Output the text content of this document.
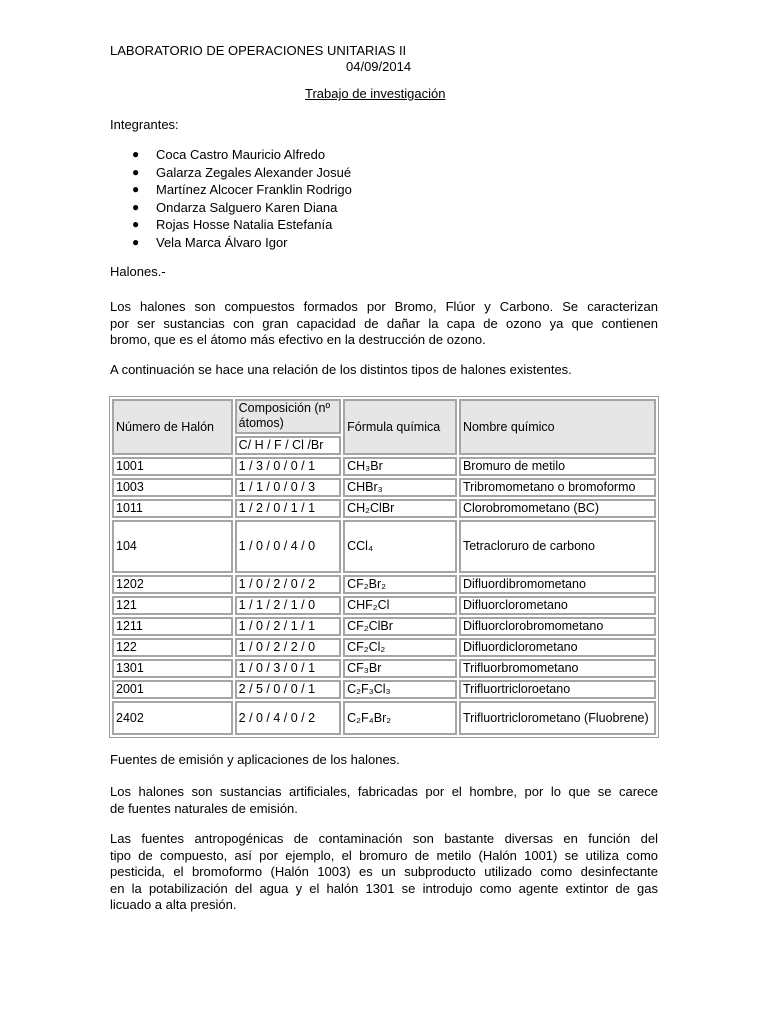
LABORATORIO DE OPERACIONES UNITARIAS II
04/09/2014
Trabajo de investigación
Integrantes:
● Coca Castro Mauricio Alfredo
● Galarza Zegales Alexander Josué
● Martínez Alcocer Franklin Rodrigo
● Ondarza Salguero Karen Diana
● Rojas Hosse Natalia Estefanía
● Vela Marca Álvaro Igor
Halones.-
Los halones son compuestos formados por Bromo, Flúor y Carbono. Se caracterizan
por ser sustancias con gran capacidad de dañar la capa de ozono ya que contienen
bromo, que es el átomo más efectivo en la destrucción de ozono.
A continuación se hace una relación de los distintos tipos de halones existentes.
Número de Halón	Composición (nº átomos)	Fórmula química	Nombre químico
	C/ H / F / Cl /Br		
1001	1 / 3 / 0 / 0 / 1	CH₃Br	Bromuro de metilo
1003	1 / 1 / 0 / 0 / 3	CHBr₃	Tribromometano o bromoformo
1011	1 / 2 / 0 / 1 / 1	CH₂ClBr	Clorobromometano (BC)
104	1 / 0 / 0 / 4 / 0	CCl₄	Tetracloruro de carbono
1202	1 / 0 / 2 / 0 / 2	CF₂Br₂	Difluordibromometano
121	1 / 1 / 2 / 1 / 0	CHF₂Cl	Difluorclorometano
1211	1 / 0 / 2 / 1 / 1	CF₂ClBr	Difluorclorobromometano
122	1 / 0 / 2 / 2 / 0	CF₂Cl₂	Difluordiclorometano
1301	1 / 0 / 3 / 0 / 1	CF₃Br	Trifluorbromometano
2001	2 / 5 / 0 / 0 / 1	C₂F₃Cl₃	Trifluortricloroetano
2402	2 / 0 / 4 / 0 / 2	C₂F₄Br₂	Trifluortriclorometano (Fluobrene)
Fuentes de emisión y aplicaciones de los halones.
Los halones son sustancias artificiales, fabricadas por el hombre, por lo que se carece
de fuentes naturales de emisión.
Las fuentes antropogénicas de contaminación son bastante diversas en función del
tipo de compuesto, así por ejemplo, el bromuro de metilo (Halón 1001) se utiliza como
pesticida, el bromoformo (Halón 1003) es un subproducto utilizado como desinfectante
en la potabilización del agua y el halón 1301 se introdujo como agente extintor de gas
licuado a alta presión.
